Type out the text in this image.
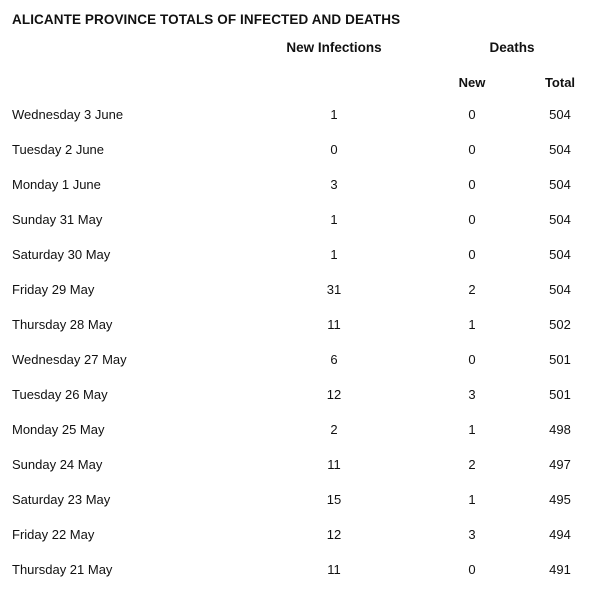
ALICANTE PROVINCE TOTALS OF INFECTED AND DEATHS
	New Infections	Deaths	
		New	Total
Wednesday 3 June	1	0	504
Tuesday 2 June	0	0	504
Monday 1 June	3	0	504
Sunday 31 May	1	0	504
Saturday 30 May	1	0	504
Friday 29 May	31	2	504
Thursday 28 May	11	1	502
Wednesday 27 May	6	0	501
Tuesday 26 May	12	3	501
Monday 25 May	2	1	498
Sunday 24 May	11	2	497
Saturday 23 May	15	1	495
Friday 22 May	12	3	494
Thursday 21 May	11	0	491
